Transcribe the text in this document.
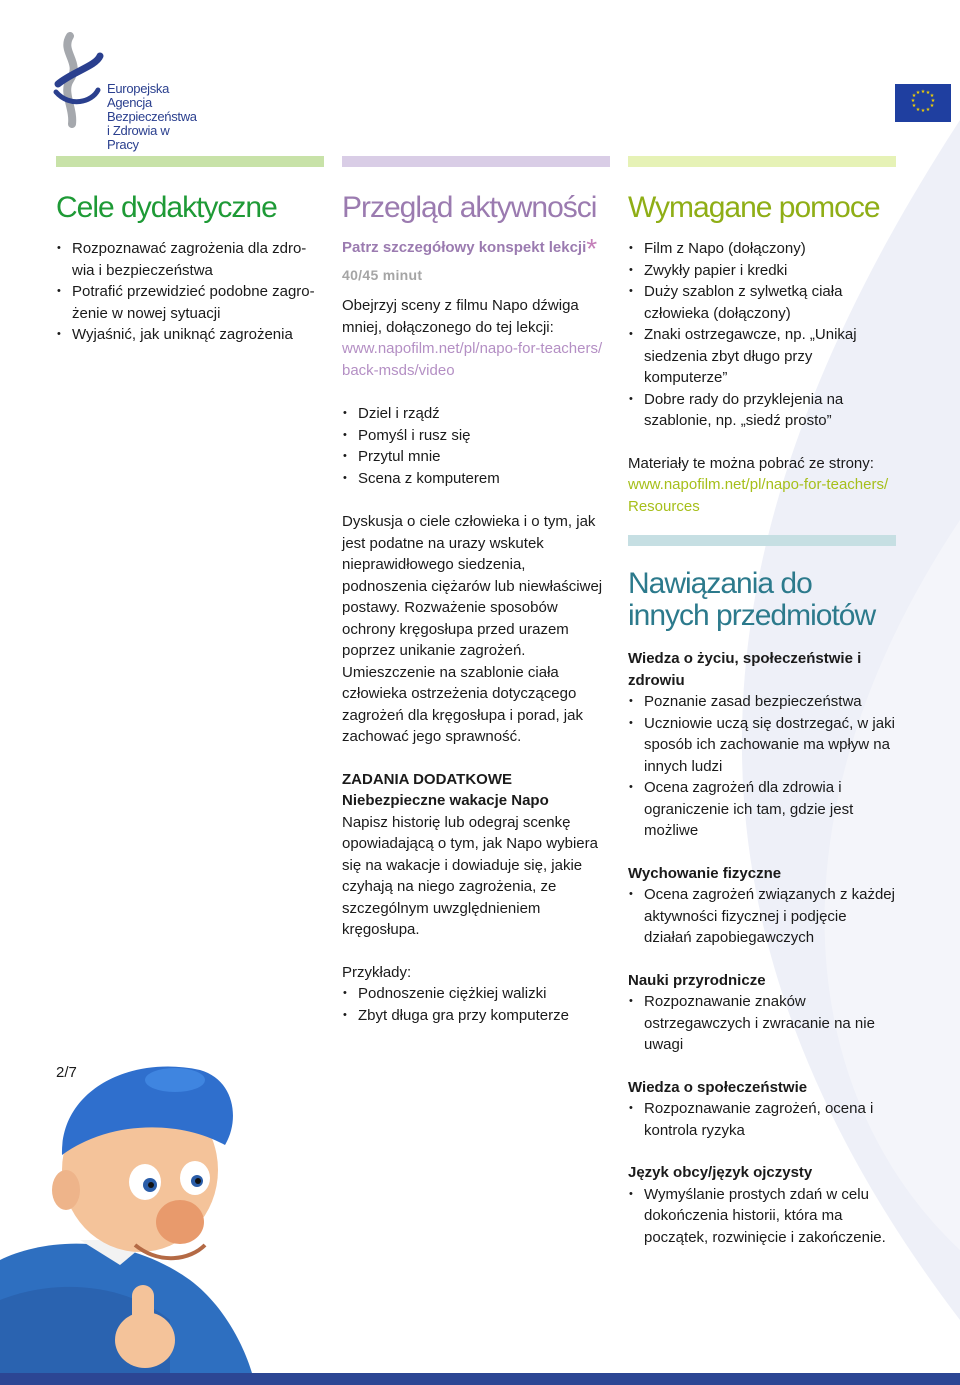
Europejska Agencja
Bezpieczeństwa
i Zdrowia w Pracy
★ ★ ★
★
★
★
★
★
★
★
★ ★
Cele dydaktyczne
• Rozpoznawać zagrożenia dla zdro-wia i bezpieczeństwa
• Potrafić przewidzieć podobne zagro-żenie w nowej sytuacji
• Wyjaśnić, jak uniknąć zagrożenia
Przegląd aktywności
Patrz szczegółowy konspekt lekcji*
40/45 minut

Obejrzyj sceny z filmu Napo dźwiga mniej, dołączonego do tej lekcji:

www.napofilm.net/pl/napo-for-teachers/back-msds/video

• Dziel i rządź
• Pomyśl i rusz się
• Przytul mnie
• Scena z komputerem

Dyskusja o ciele człowieka i o tym, jak jest podatne na urazy wskutek nieprawidłowego siedzenia, podnoszenia ciężarów lub niewłaściwej postawy. Rozważenie sposobów ochrony kręgosłupa przed urazem poprzez unikanie zagrożeń. Umieszczenie na szablonie ciała człowieka ostrzeżenia dotyczącego zagrożeń dla kręgosłupa i porad, jak zachować jego sprawność.

ZADANIA DODATKOWE
Niebezpieczne wakacje Napo

Napisz historię lub odegraj scenkę opowiadającą o tym, jak Napo wybiera się na wakacje i dowiaduje się, jakie czyhają na niego zagrożenia, ze szczególnym uwzględnieniem kręgosłupa.

Przykłady:

• Podnoszenie ciężkiej walizki
• Zbyt długa gra przy komputerze
Wymagane pomoce
• Film z Napo (dołączony)
• Zwykły papier i kredki
• Duży szablon z sylwetką ciała człowieka (dołączony)
• Znaki ostrzegawcze, np. „Unikaj siedzenia zbyt długo przy komputerze”
• Dobre rady do przyklejenia na szablonie, np. „siedź prosto”

Materiały te można pobrać ze strony:

www.napofilm.net/pl/napo-for-teachers/Resources

Nawiązania do innych przedmiotów
Wiedza o życiu, społeczeństwie i zdrowiu
• Poznanie zasad bezpieczeństwa
• Uczniowie uczą się dostrzegać, w jaki sposób ich zachowanie ma wpływ na innych ludzi
• Ocena zagrożeń dla zdrowia i ograniczenie ich tam, gdzie jest możliwe
Wychowanie fizyczne
• Ocena zagrożeń związanych z każdej aktywności fizycznej i podjęcie działań zapobiegawczych
Nauki przyrodnicze
• Rozpoznawanie znaków ostrzegawczych i zwracanie na nie uwagi
Wiedza o społeczeństwie
• Rozpoznawanie zagrożeń, ocena i kontrola ryzyka
Język obcy/język ojczysty
• Wymyślanie prostych zdań w celu dokończenia historii, która ma początek, rozwinięcie i zakończenie.
2/7
